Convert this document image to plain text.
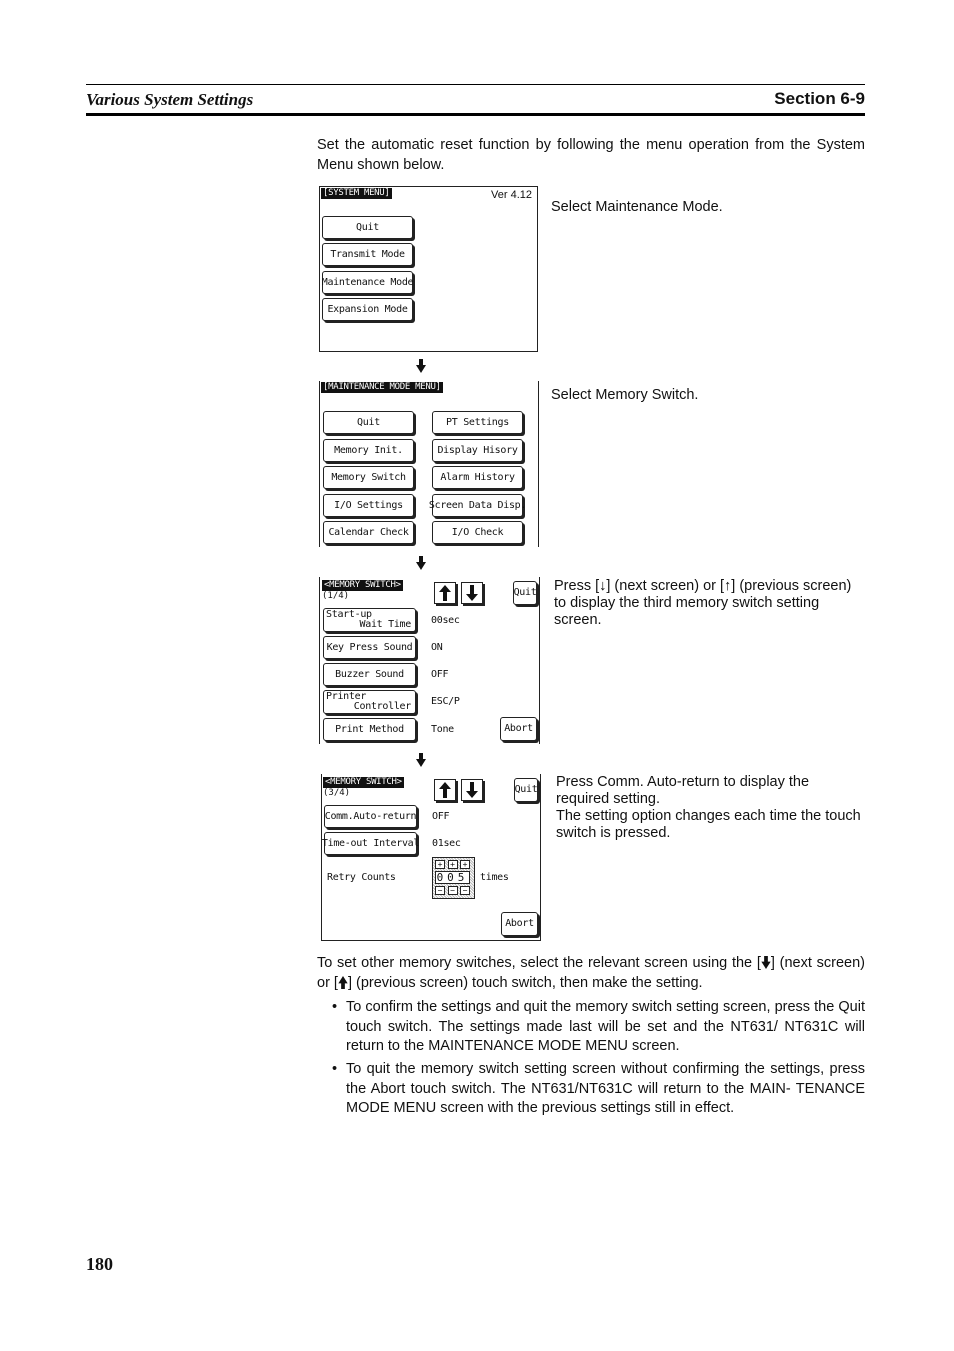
Various System Settings	Section 6-9
Set the automatic reset function by following the menu operation from the System Menu shown below.
[SYSTEM MENU]	Ver 4.12
Quit
Transmit Mode
Maintenance Mode
Expansion Mode
Select Maintenance Mode.
[MAINTENANCE MODE MENU]
Quit
Memory Init.
Memory Switch
I/O Settings
Calendar Check
PT Settings
Display Hisory
Alarm History
Screen Data Disp.
I/O Check
Select Memory Switch.
<MEMORY SWITCH>
(1/4)	Quit
Start-up
Wait Time	00sec
Key Press Sound	ON
Buzzer Sound	OFF
Printer
Controller	ESC/P
Print Method	Tone	Abort
Press [↓] (next screen) or [↑] (previous screen) to display the third memory switch setting screen.
<MEMORY SWITCH>
(3/4)	Quit
Comm.Auto-return OFF
Time-out Interval 01sec
Retry Counts
+ + +
005
− − −
times
Abort
Press Comm. Auto-return to display the required setting.
The setting option changes each time the touch switch is pressed.
To set other memory switches, select the relevant screen using the [ ] (next screen) or [ ] (previous screen) touch switch, then make the setting.
• To confirm the settings and quit the memory switch setting screen, press the Quit touch switch. The settings made last will be set and the NT631/ NT631C will return to the MAINTENANCE MODE MENU screen.
• To quit the memory switch setting screen without confirming the settings, press the Abort touch switch. The NT631/NT631C will return to the MAIN- TENANCE MODE MENU screen with the previous settings still in effect.
180
